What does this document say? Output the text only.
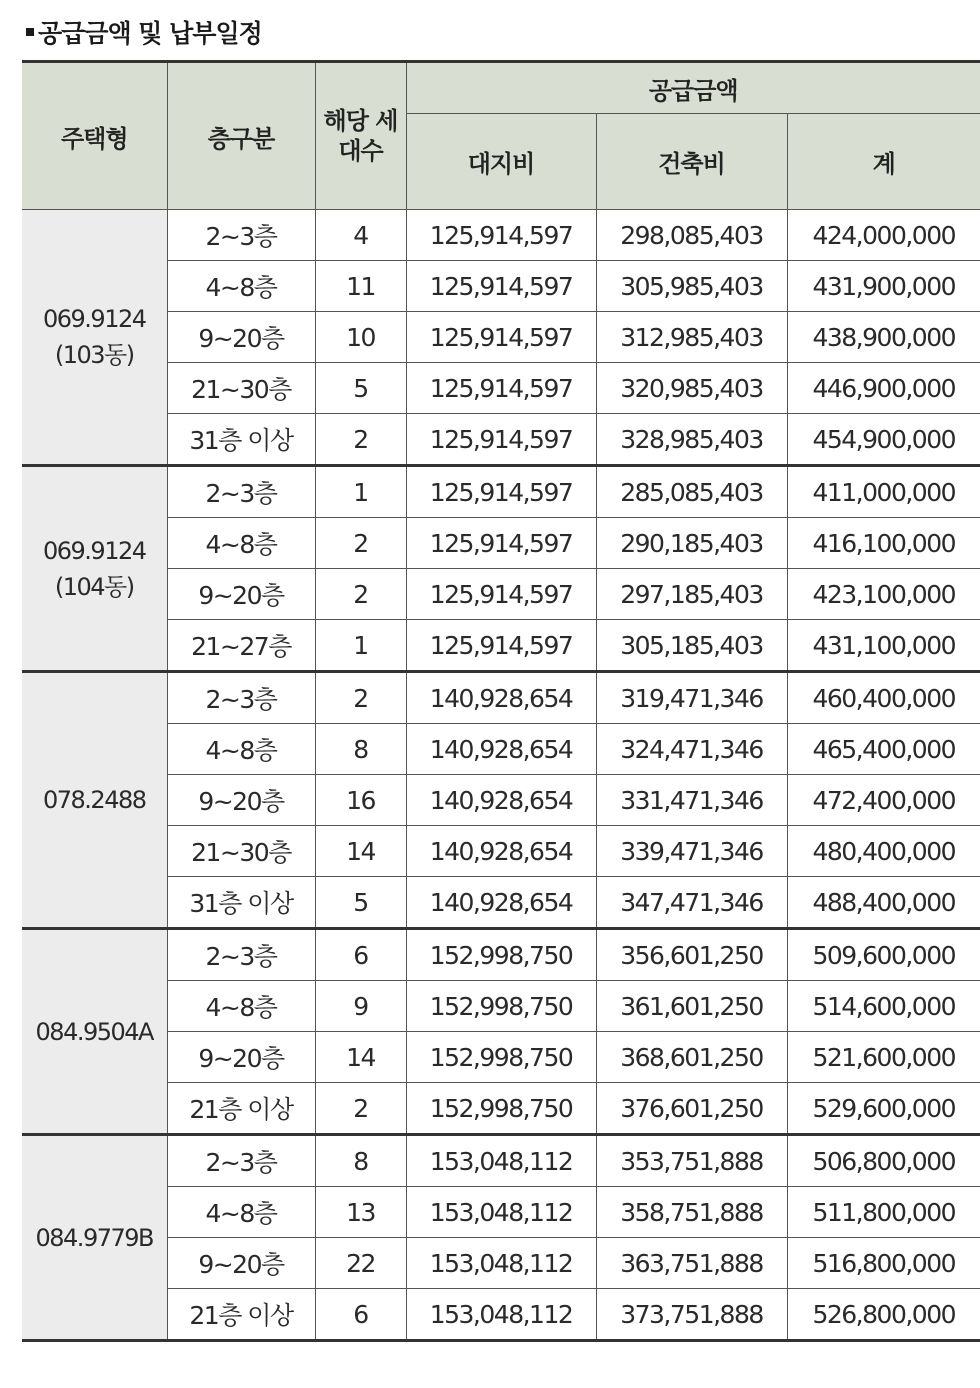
공급금액 및 납부일정
주택형	층구분	해당 세대수	공급금액		
			대지비	건축비	계
069.9124 (103동)	2~3층	4	125,914,597	298,085,403	424,000,000
	4~8층	11	125,914,597	305,985,403	431,900,000
	9~20층	10	125,914,597	312,985,403	438,900,000
	21~30층	5	125,914,597	320,985,403	446,900,000
	31층 이상	2	125,914,597	328,985,403	454,900,000
069.9124 (104동)	2~3층	1	125,914,597	285,085,403	411,000,000
	4~8층	2	125,914,597	290,185,403	416,100,000
	9~20층	2	125,914,597	297,185,403	423,100,000
	21~27층	1	125,914,597	305,185,403	431,100,000
078.2488	2~3층	2	140,928,654	319,471,346	460,400,000
	4~8층	8	140,928,654	324,471,346	465,400,000
	9~20층	16	140,928,654	331,471,346	472,400,000
	21~30층	14	140,928,654	339,471,346	480,400,000
	31층 이상	5	140,928,654	347,471,346	488,400,000
084.9504A	2~3층	6	152,998,750	356,601,250	509,600,000
	4~8층	9	152,998,750	361,601,250	514,600,000
	9~20층	14	152,998,750	368,601,250	521,600,000
	21층 이상	2	152,998,750	376,601,250	529,600,000
084.9779B	2~3층	8	153,048,112	353,751,888	506,800,000
	4~8층	13	153,048,112	358,751,888	511,800,000
	9~20층	22	153,048,112	363,751,888	516,800,000
	21층 이상	6	153,048,112	373,751,888	526,800,000
